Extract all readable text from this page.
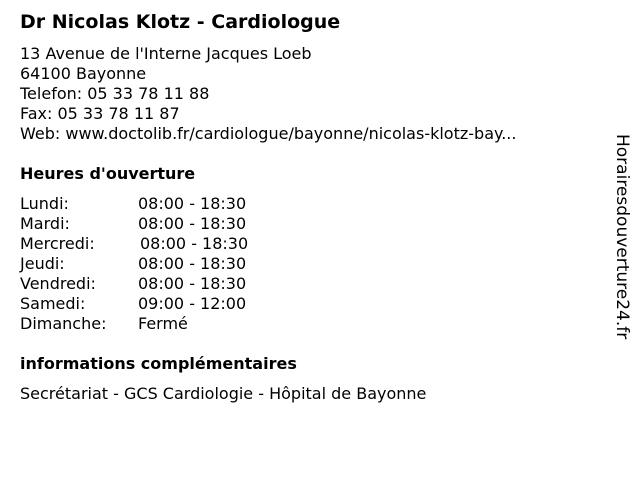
Dr Nicolas Klotz - Cardiologue
13 Avenue de l'Interne Jacques Loeb
64100 Bayonne
Telefon: 05 33 78 11 88
Fax: 05 33 78 11 87
Web: www.doctolib.fr/cardiologue/bayonne/nicolas-klotz-bay...
Heures d'ouverture
Lundi:	08:00 - 18:30
Mardi:	08:00 - 18:30
Mercredi:	08:00 - 18:30
Jeudi:	08:00 - 18:30
Vendredi:	08:00 - 18:30
Samedi:	09:00 - 12:00
Dimanche: Fermé
informations complémentaires
Secrétariat - GCS Cardiologie - Hôpital de Bayonne
Horairesdouverture24.fr
